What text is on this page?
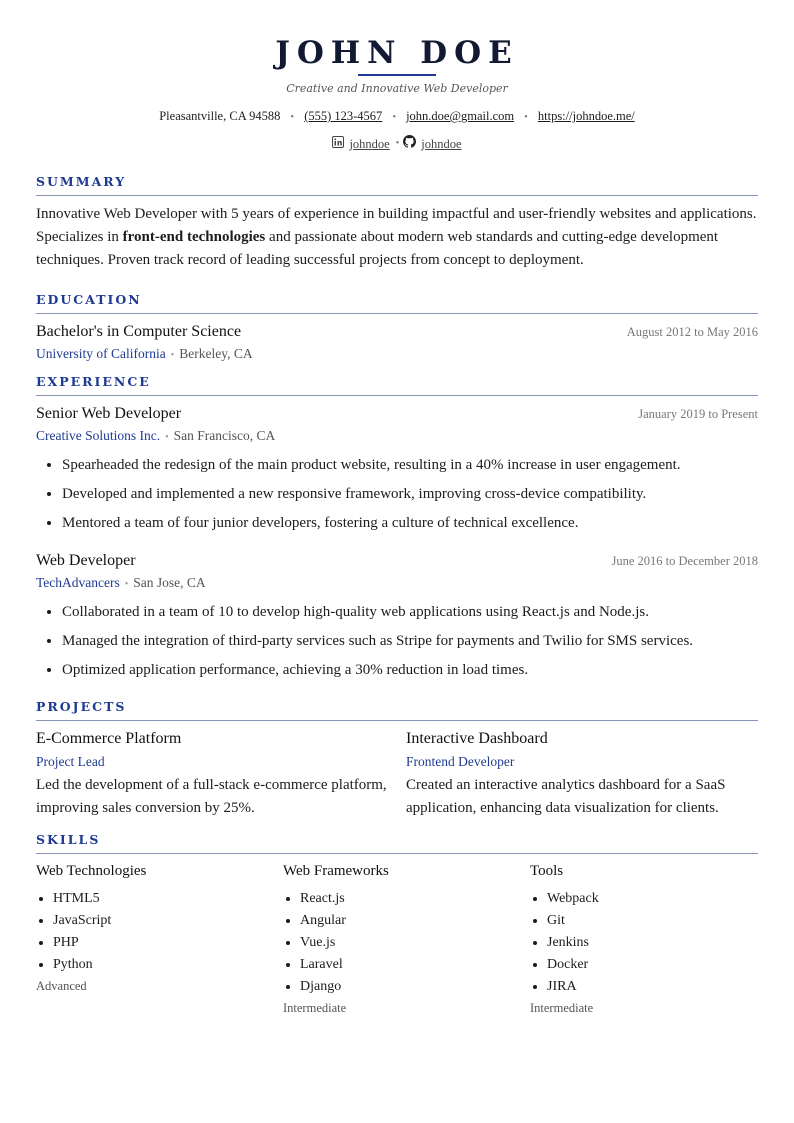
JOHN DOE
Creative and Innovative Web Developer
Pleasantville, CA 94588 • (555) 123-4567 • john.doe@gmail.com • https://johndoe.me/
johndoe • johndoe
SUMMARY
Innovative Web Developer with 5 years of experience in building impactful and user-friendly websites and applications. Specializes in front-end technologies and passionate about modern web standards and cutting-edge development techniques. Proven track record of leading successful projects from concept to deployment.
EDUCATION
Bachelor's in Computer Science	August 2012 to May 2016
University of California • Berkeley, CA
EXPERIENCE
Senior Web Developer	January 2019 to Present
Creative Solutions Inc. • San Francisco, CA
• Spearheaded the redesign of the main product website, resulting in a 40% increase in user engagement.
• Developed and implemented a new responsive framework, improving cross-device compatibility.
• Mentored a team of four junior developers, fostering a culture of technical excellence.
Web Developer	June 2016 to December 2018
TechAdvancers • San Jose, CA
• Collaborated in a team of 10 to develop high-quality web applications using React.js and Node.js.
• Managed the integration of third-party services such as Stripe for payments and Twilio for SMS services.
• Optimized application performance, achieving a 30% reduction in load times.
PROJECTS
E-Commerce Platform
Project Lead
Led the development of a full-stack e-commerce platform, improving sales conversion by 25%.
Interactive Dashboard
Frontend Developer
Created an interactive analytics dashboard for a SaaS application, enhancing data visualization for clients.
SKILLS
Web Technologies
• HTML5
• JavaScript
• PHP
• Python
Advanced
Web Frameworks
• React.js
• Angular
• Vue.js
• Laravel
• Django
Intermediate
Tools
• Webpack
• Git
• Jenkins
• Docker
• JIRA
Intermediate
